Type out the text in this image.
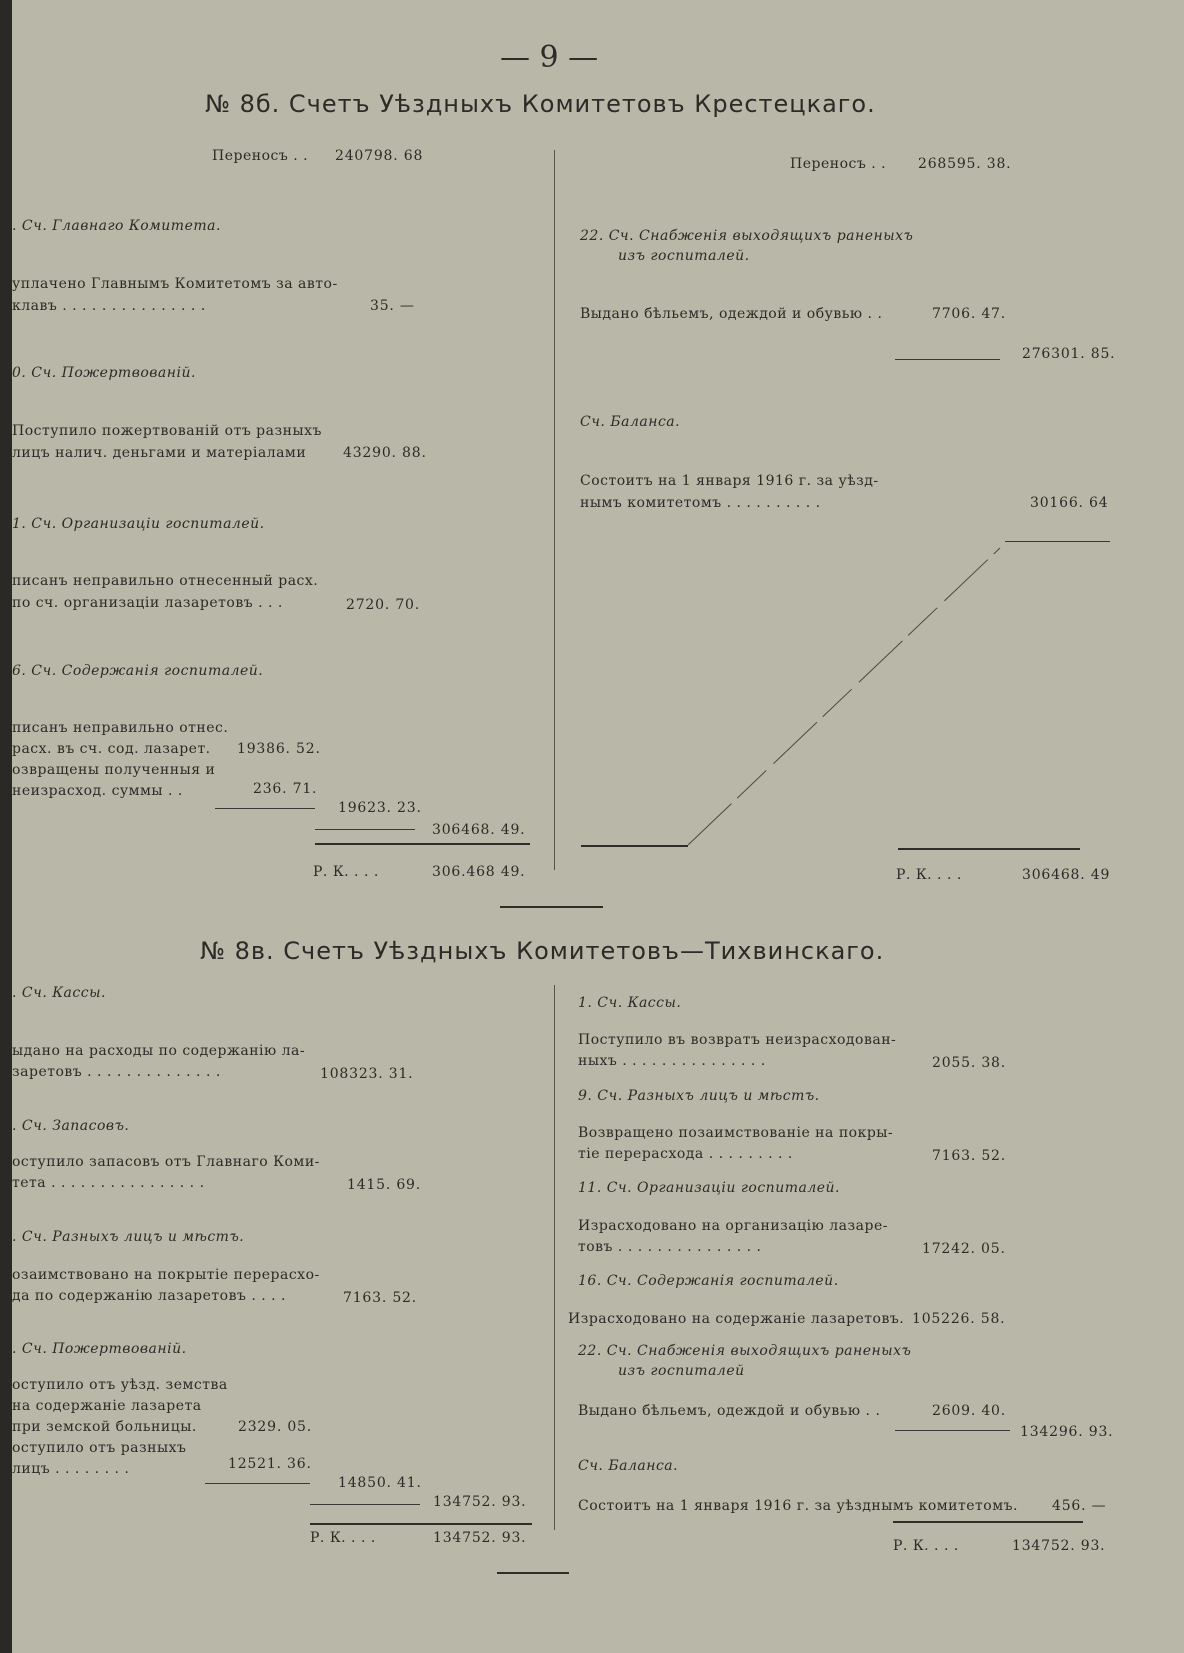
— 9 —
№ 8б. Счетъ Уѣздныхъ Комитетовъ Крестецкаго.
Переносъ . . 240798. 68
. Сч. Главнаго Комитета.
уплачено Главнымъ Комитетомъ за авто-
клавъ . . . . . . . . . . . . . . .	35. —
0. Сч. Пожертвованiй.
Поступило пожертвованiй отъ разныхъ
лицъ налич. деньгами и матерiалами	43290. 88.
1. Сч. Организацiи госпиталей.
писанъ неправильно отнесенный расх.
по сч. организацiи лазаретовъ . . .	2720. 70.
6. Сч. Содержанiя госпиталей.
писанъ неправильно отнес.
расх. въ сч. сод. лазарет. 19386. 52.
озвращены полученныя и
неизрасход. суммы . .	236. 71.
19623. 23.
306468. 49.
Р. К. . . .	306.468 49.
Переносъ . . 268595. 38.
22. Сч. Снабженiя выходящихъ раненыхъ
изъ госпиталей.
Выдано бѣльемъ, одеждой и обувью . .	7706. 47.
276301. 85.
Сч. Баланса.
Состоитъ на 1 января 1916 г. за уѣзд-
нымъ комитетомъ . . . . . . . . . .	30166. 64
Р. К. . . .	306468. 49
№ 8в. Счетъ Уѣздныхъ Комитетовъ—Тихвинскаго.
. Сч. Кассы.
ыдано на расходы по содержанiю ла-
заретовъ . . . . . . . . . . . . . .	108323. 31.
. Сч. Запасовъ.
оступило запасовъ отъ Главнаго Коми-
тета . . . . . . . . . . . . . . . .	1415. 69.
. Сч. Разныхъ лицъ и мѣстъ.
озаимствовано на покрытiе перерасхо-
да по содержанiю лазаретовъ . . . .	7163. 52.
. Сч. Пожертвованiй.
оступило отъ уѣзд. земства
на содержанiе лазарета
при земской больницы.	2329. 05.
оступило отъ разныхъ
лицъ . . . . . . . .	12521. 36.
14850. 41.
134752. 93.
Р. К. . . .	134752. 93.
1. Сч. Кассы.
Поступило въ возвратъ неизрасходован-
ныхъ . . . . . . . . . . . . . . .	2055. 38.
9. Сч. Разныхъ лицъ и мѣстъ.
Возвращено позаимствованiе на покры-
тiе перерасхода . . . . . . . . .	7163. 52.
11. Сч. Организацiи госпиталей.
Израсходовано на организацiю лазаре-
товъ . . . . . . . . . . . . . . .	17242. 05.
16. Сч. Содержанiя госпиталей.
Израсходовано на содержанiе лазаретовъ. 105226. 58.
22. Сч. Снабженiя выходящихъ раненыхъ
изъ госпиталей
Выдано бѣльемъ, одеждой и обувью . .	2609. 40.
134296. 93.
Сч. Баланса.
Состоитъ на 1 января 1916 г. за уѣзднымъ комитетомъ. 456. —
Р. К. . . .	134752. 93.
